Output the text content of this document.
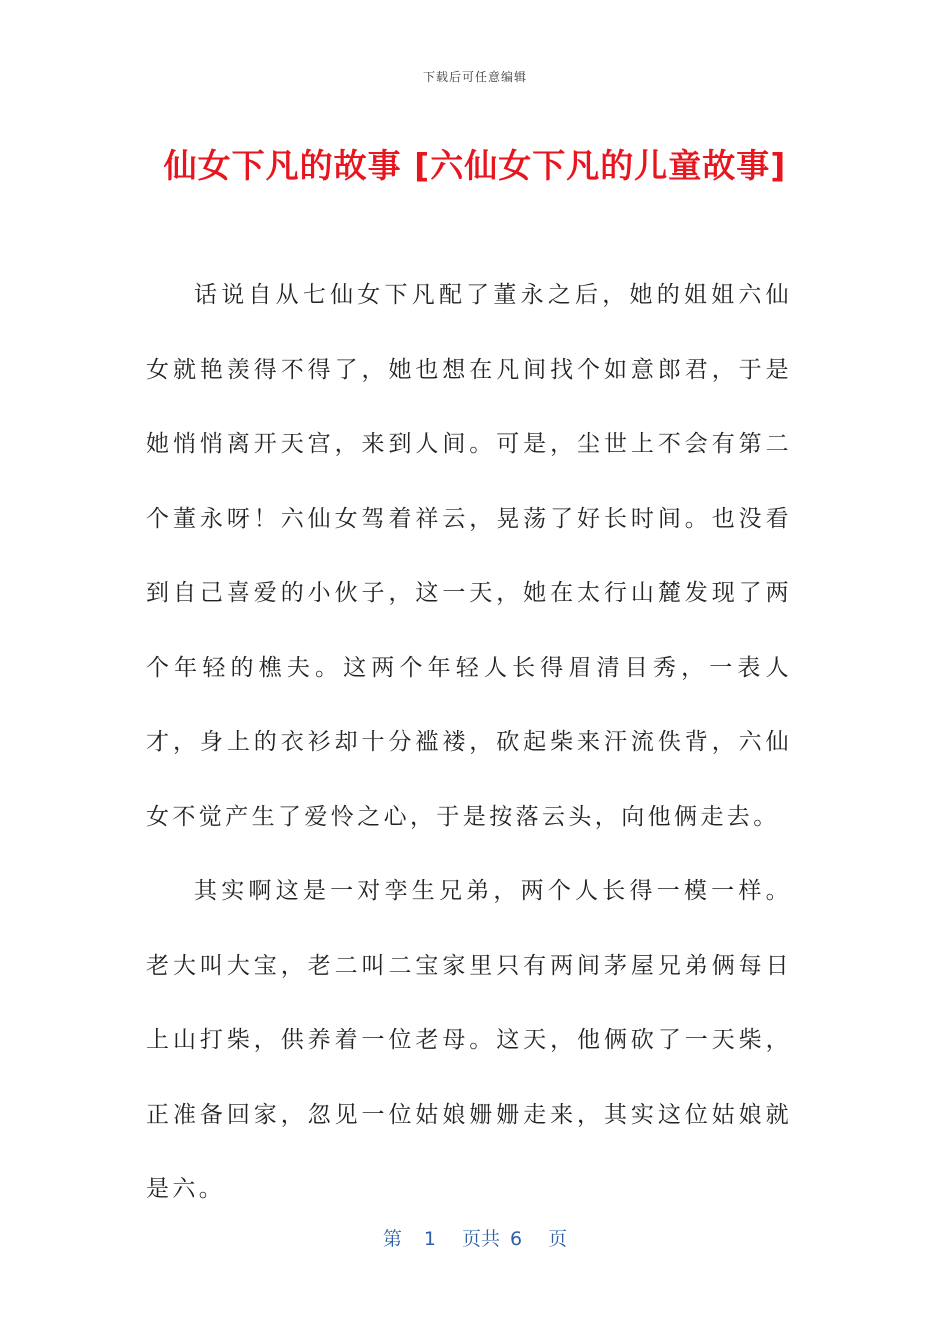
下载后可任意编辑
仙女下凡的故事 [六仙女下凡的儿童故事]

话说自从七仙女下凡配了董永之后，她的姐姐六仙女就艳羡得不得了，她也想在凡间找个如意郎君，于是她悄悄离开天宫，来到人间。可是，尘世上不会有第二个董永呀！六仙女驾着祥云，晃荡了好长时间。也没看到自己喜爱的小伙子，这一天，她在太行山麓发现了两个年轻的樵夫。这两个年轻人长得眉清目秀，一表人才，身上的衣衫却十分褴褛，砍起柴来汗流佚背，六仙女不觉产生了爱怜之心，于是按落云头，向他俩走去。

其实啊这是一对孪生兄弟，两个人长得一模一样。老大叫大宝，老二叫二宝家里只有两间茅屋兄弟俩每日上山打柴，供养着一位老母。这天，他俩砍了一天柴，正准备回家，忽见一位姑娘姗姗走来，其实这位姑娘就是六。

第 1 页共 6 页
